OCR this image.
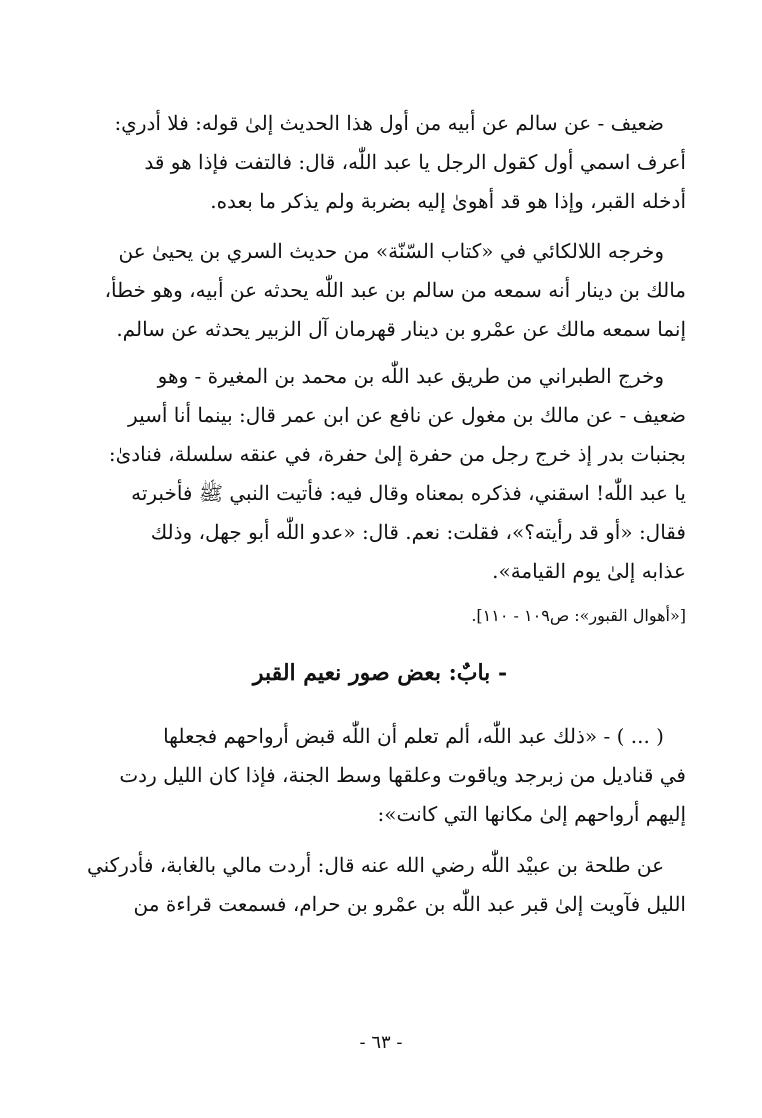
ضعيف - عن سالم عن أبيه من أول هذا الحديث إلىٰ قوله: فلا أدري:
أعرف اسمي أول كقول الرجل يا عبد اللّٰه، قال: فالتفت فإذا هو قد
أدخله القبر، وإذا هو قد أهوىٰ إليه بضربة ولم يذكر ما بعده.

وخرجه اللالكائي في «كتاب السّنّة» من حديث السري بن يحيىٰ عن
مالك بن دينار أنه سمعه من سالم بن عبد اللّٰه يحدثه عن أبيه، وهو خطأ،
إنما سمعه مالك عن عمْرو بن دينار قهرمان آل الزبير يحدثه عن سالم.

وخرج الطبراني من طريق عبد اللّٰه بن محمد بن المغيرة - وهو
ضعيف - عن مالك بن مغول عن نافع عن ابن عمر قال: بينما أنا أسير
بجنبات بدر إذ خرج رجل من حفرة إلىٰ حفرة، في عنقه سلسلة، فنادىٰ:
يا عبد اللّٰه! اسقني، فذكره بمعناه وقال فيه: فأتيت النبي ﷺ فأخبرته
فقال: «أو قد رأيته؟»، فقلت: نعم. قال: «عدو اللّٰه أبو جهل، وذلك
عذابه إلىٰ يوم القيامة».

[«أهوال القبور»: ص١٠٩ - ١١٠].

- بابٌ: بعض صور نعيم القبر

( ... ) - «ذلك عبد اللّٰه، ألم تعلم أن اللّٰه قبض أرواحهم فجعلها
في قناديل من زبرجد وياقوت وعلقها وسط الجنة، فإذا كان الليل ردت
إليهم أرواحهم إلىٰ مكانها التي كانت»:

عن طلحة بن عبيْد اللّٰه رضي الله عنه قال: أردت مالي بالغابة، فأدركني
الليل فآويت إلىٰ قبر عبد اللّٰه بن عمْرو بن حرام، فسمعت قراءة من

- ٦٣ -
